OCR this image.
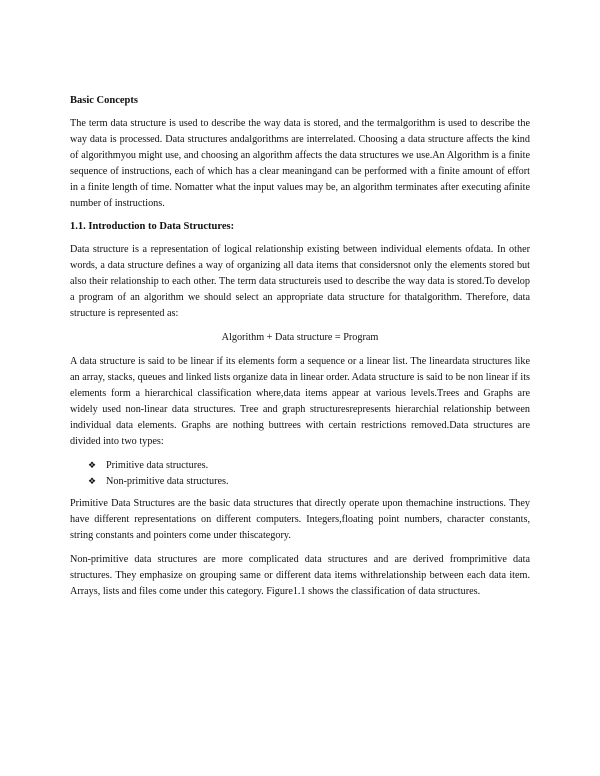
Basic Concepts

The term data structure is used to describe the way data is stored, and the termalgorithm is used to describe the way data is processed. Data structures andalgorithms are interrelated. Choosing a data structure affects the kind of algorithmyou might use, and choosing an algorithm affects the data structures we use.An Algorithm is a finite sequence of instructions, each of which has a clear meaningand can be performed with a finite amount of effort in a finite length of time. Nomatter what the input values may be, an algorithm terminates after executing afinite number of instructions.

1.1. Introduction to Data Structures:

Data structure is a representation of logical relationship existing between individual elements ofdata. In other words, a data structure defines a way of organizing all data items that considersnot only the elements stored but also their relationship to each other. The term data structureis used to describe the way data is stored.To develop a program of an algorithm we should select an appropriate data structure for thatalgorithm. Therefore, data structure is represented as:

Algorithm + Data structure = Program

A data structure is said to be linear if its elements form a sequence or a linear list. The lineardata structures like an array, stacks, queues and linked lists organize data in linear order. Adata structure is said to be non linear if its elements form a hierarchical classification where,data items appear at various levels.Trees and Graphs are widely used non-linear data structures. Tree and graph structuresrepresents hierarchial relationship between individual data elements. Graphs are nothing buttrees with certain restrictions removed.Data structures are divided into two types:

❖ Primitive data structures.
❖ Non-primitive data structures.

Primitive Data Structures are the basic data structures that directly operate upon themachine instructions. They have different representations on different computers. Integers,floating point numbers, character constants, string constants and pointers come under thiscategory.

Non-primitive data structures are more complicated data structures and are derived fromprimitive data structures. They emphasize on grouping same or different data items withrelationship between each data item. Arrays, lists and files come under this category. Figure1.1 shows the classification of data structures.
